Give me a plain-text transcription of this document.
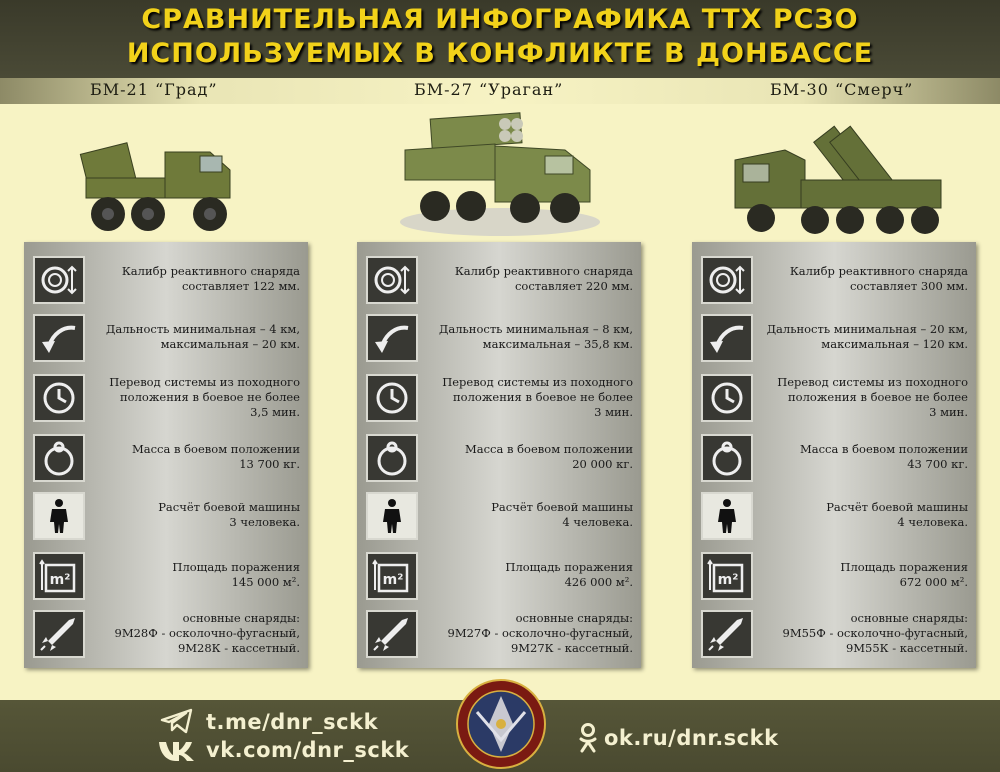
СРАВНИТЕЛЬНАЯ ИНФОГРАФИКА ТТХ РСЗО
ИСПОЛЬЗУЕМЫХ В КОНФЛИКТЕ В ДОНБАССЕ
БМ-21 “Град”	БМ-27 “Ураган”	БМ-30 “Смерч”
Калибр реактивного снаряда
составляет 122 мм.
Дальность минимальная – 4 км,
максимальная – 20 км.
Перевод системы из походного
положения в боевое не более
3,5 мин.
Масса в боевом положении
13 700 кг.
Расчёт боевой машины
3 человека.
m²
Площадь поражения
145 000 м².
основные снаряды:
9М28Ф - осколочно-фугасный,
9М28К - кассетный.
Калибр реактивного снаряда
составляет 220 мм.
Дальность минимальная – 8 км,
максимальная – 35,8 км.
Перевод системы из походного
положения в боевое не более
3 мин.
Масса в боевом положении
20 000 кг.
Расчёт боевой машины
4 человека.
m²
Площадь поражения
426 000 м².
основные снаряды:
9М27Ф - осколочно-фугасный,
9М27К - кассетный.
Калибр реактивного снаряда
составляет 300 мм.
Дальность минимальная – 20 км,
максимальная – 120 км.
Перевод системы из походного
положения в боевое не более
3 мин.
Масса в боевом положении
43 700 кг.
Расчёт боевой машины
4 человека.
m²
Площадь поражения
672 000 м².
основные снаряды:
9М55Ф - осколочно-фугасный,
9М55К - кассетный.
t.me/dnr_sckk
vk.com/dnr_sckk	ok.ru/dnr.sckk
